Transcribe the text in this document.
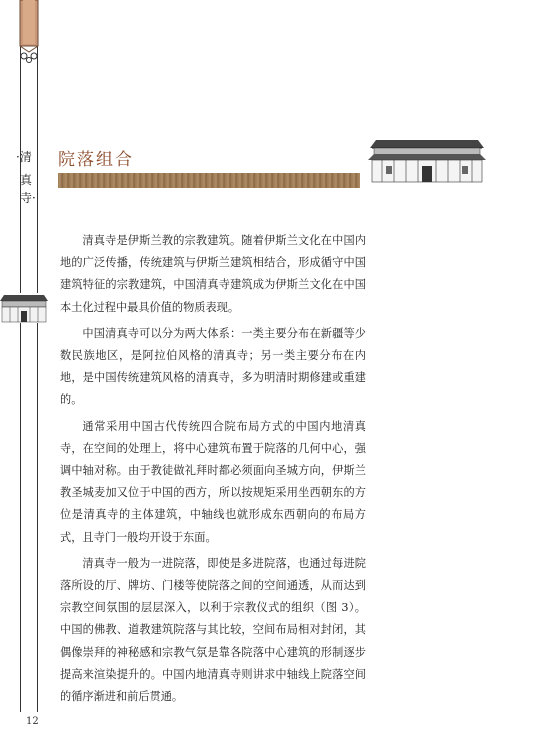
·清
真
寺·
院落组合

清真寺是伊斯兰教的宗教建筑。随着伊斯兰文化在中国内地的广泛传播，传统建筑与伊斯兰建筑相结合，形成循守中国建筑特征的宗教建筑，中国清真寺建筑成为伊斯兰文化在中国本土化过程中最具价值的物质表现。

中国清真寺可以分为两大体系：一类主要分布在新疆等少数民族地区，是阿拉伯风格的清真寺；另一类主要分布在内地，是中国传统建筑风格的清真寺，多为明清时期修建或重建的。

通常采用中国古代传统四合院布局方式的中国内地清真寺，在空间的处理上，将中心建筑布置于院落的几何中心，强调中轴对称。由于教徒做礼拜时都必须面向圣城方向，伊斯兰教圣城麦加又位于中国的西方，所以按规矩采用坐西朝东的方位是清真寺的主体建筑，中轴线也就形成东西朝向的布局方式，且寺门一般均开设于东面。

清真寺一般为一进院落，即使是多进院落，也通过每进院落所设的厅、牌坊、门楼等使院落之间的空间通透，从而达到宗教空间氛围的层层深入，以利于宗教仪式的组织（图 3）。中国的佛教、道教建筑院落与其比较，空间布局相对封闭，其偶像崇拜的神秘感和宗教气氛是靠各院落中心建筑的形制逐步提高来渲染提升的。中国内地清真寺则讲求中轴线上院落空间的循序渐进和前后贯通。

12
